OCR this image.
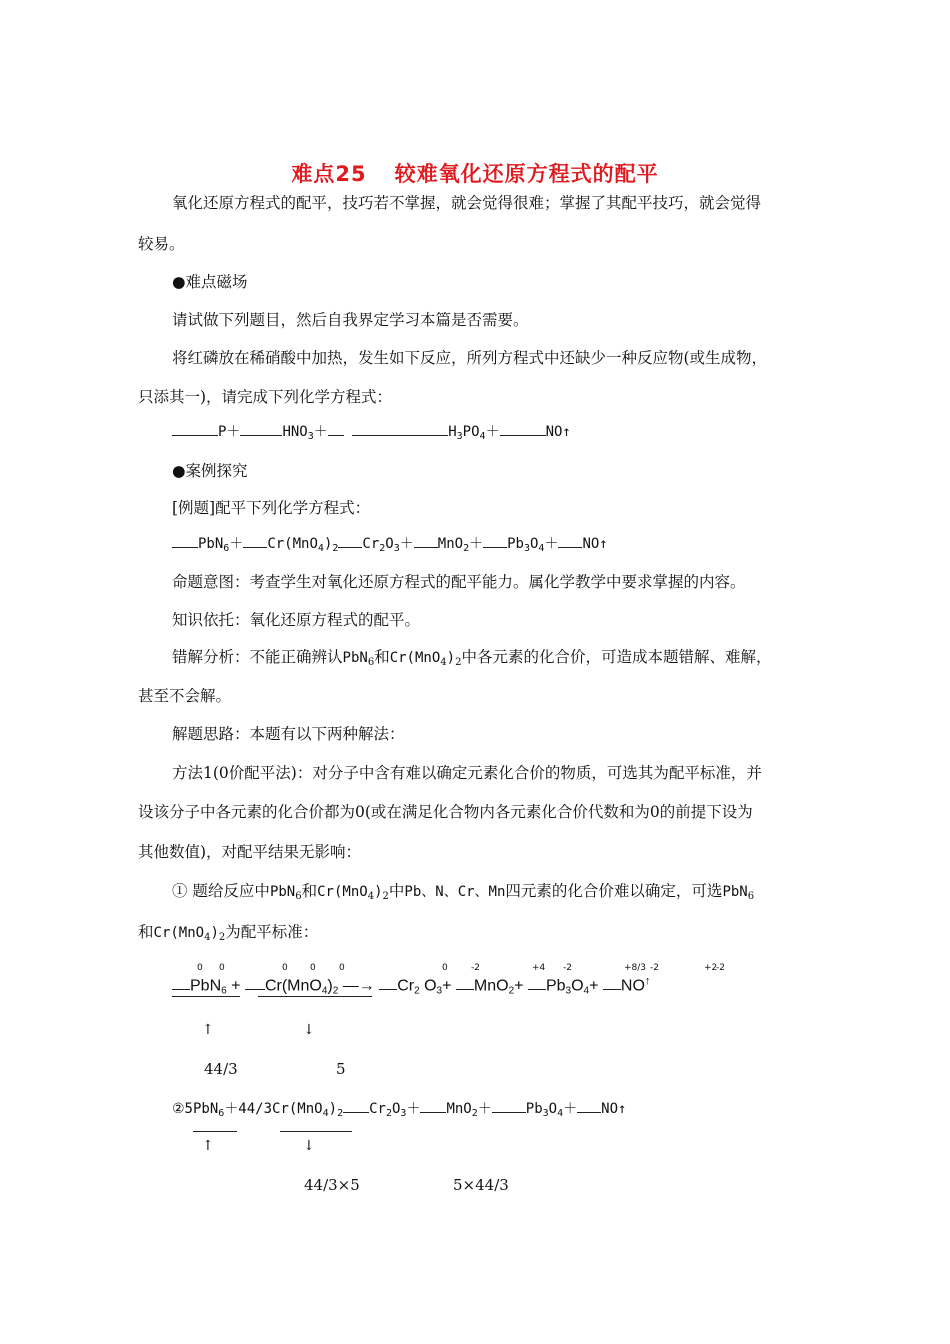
难点25 较难氧化还原方程式的配平
氧化还原方程式的配平，技巧若不掌握，就会觉得很难；掌握了其配平技巧，就会觉得
较易。
●难点磁场
请试做下列题目，然后自我界定学习本篇是否需要。
将红磷放在稀硝酸中加热，发生如下反应，所列方程式中还缺少一种反应物(或生成物，
只添其一)，请完成下列化学方程式：
P＋	$HNO_3+$	$H_3PO_4+$	NO↑
●案例探究
[例题]配平下列化学方程式：
$PbN_6+ Cr(MnO_4)_2$ $Cr_2O_3+ MnO_2+ Pb_3O_4+$ NO↑
命题意图：考查学生对氧化还原方程式的配平能力。属化学教学中要求掌握的内容。
知识依托：氧化还原方程式的配平。
错解分析：不能正确辨认PbN$_6$和$Cr(MnO_4)_2$中各元素的化合价，可造成本题错解、难解，
甚至不会解。
解题思路：本题有以下两种解法：
方法1(0价配平法)：对分子中含有难以确定元素化合价的物质，可选其为配平标准，并
设该分子中各元素的化合价都为0(或在满足化合物内各元素化合价代数和为0的前提下设为
其他数值)，对配平结果无影响：
① 题给反应中PbN$_6$和$Cr(MnO_4)_2$中Pb、N、Cr、Mn四元素的化合价难以确定，可选PbN$_6$
和$Cr(MnO_4)_2$为配平标准：
0 0	0 0	0	0	-2	+4 -2	+8/3 -2	+2
-2
$PbN_6 + Cr(MnO_4)_2$ —→ $Cr_2$ $O_3+ MnO_2+ Pb_3O_4+ NO^↑$
↑	↓
44/3	5
$②5PbN_6+44/3Cr(MnO_4)_2$ $Cr_2O_3+ MnO_2+ Pb_3O_4+$ NO↑
↑	↓
44/3×5	5×44/3
